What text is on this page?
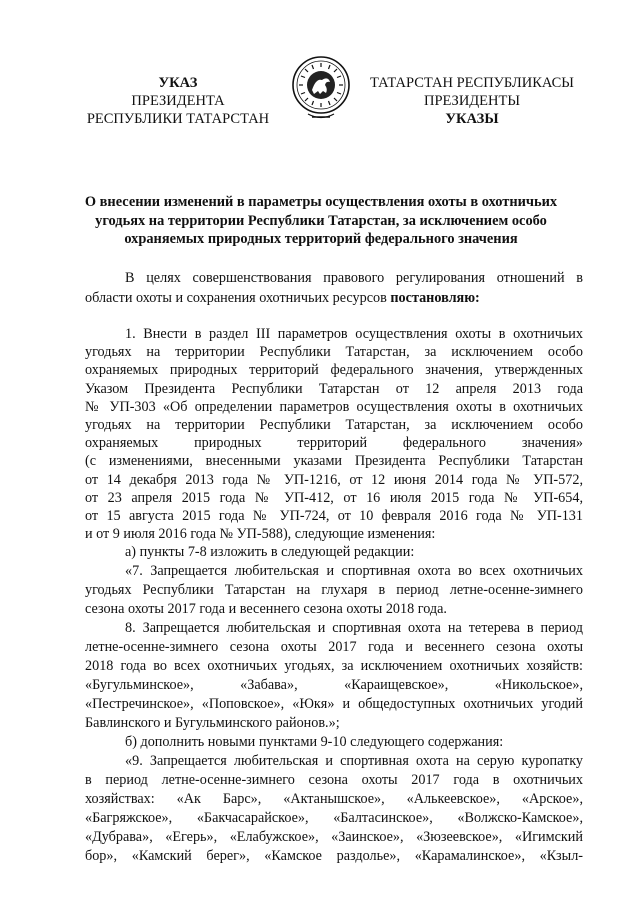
УКАЗ
ПРЕЗИДЕНТА
РЕСПУБЛИКИ ТАТАРСТАН
ТАТАРСТАН РЕСПУБЛИКАСЫ
ПРЕЗИДЕНТЫ
УКАЗЫ
О внесении изменений в параметры осуществления охоты в охотничьих угодьях на территории Республики Татарстан, за исключением особо охраняемых природных территорий федерального значения

В целях совершенствования правового регулирования отношений в

области охоты и сохранения охотничьих ресурсов постановляю:

1. Внести в раздел III параметров осуществления охоты в охотничьих

угодьях на территории Республики Татарстан, за исключением особо

охраняемых природных территорий федерального значения, утвержденных

Указом Президента Республики Татарстан от 12 апреля 2013 года

№ УП-303 «Об определении параметров осуществления охоты в охотничьих

угодьях на территории Республики Татарстан, за исключением особо

охраняемых природных территорий федерального значения»

(с изменениями, внесенными указами Президента Республики Татарстан

от 14 декабря 2013 года № УП-1216, от 12 июня 2014 года № УП-572,

от 23 апреля 2015 года № УП-412, от 16 июля 2015 года № УП-654,

от 15 августа 2015 года № УП-724, от 10 февраля 2016 года № УП-131

и от 9 июля 2016 года № УП-588), следующие изменения:

а) пункты 7-8 изложить в следующей редакции:

«7. Запрещается любительская и спортивная охота во всех охотничьих

угодьях Республики Татарстан на глухаря в период летне-осенне-зимнего

сезона охоты 2017 года и весеннего сезона охоты 2018 года.

8. Запрещается любительская и спортивная охота на тетерева в период

летне-осенне-зимнего сезона охоты 2017 года и весеннего сезона охоты

2018 года во всех охотничьих угодьях, за исключением охотничьих хозяйств:

«Бугульминское», «Забава», «Караищевское», «Никольское»,

«Пестречинское», «Поповское», «Юкя» и общедоступных охотничьих угодий

Бавлинского и Бугульминского районов.»;

б) дополнить новыми пунктами 9-10 следующего содержания:

«9. Запрещается любительская и спортивная охота на серую куропатку

в период летне-осенне-зимнего сезона охоты 2017 года в охотничьих

хозяйствах: «Ак Барс», «Актанышское», «Алькеевское», «Арское»,

«Багряжское», «Бакчасарайское», «Балтасинское», «Волжско-Камское»,

«Дубрава», «Егерь», «Елабужское», «Заинское», «Зюзеевское», «Игимский

бор», «Камский берег», «Камское раздолье», «Карамалинское», «Кзыл-
